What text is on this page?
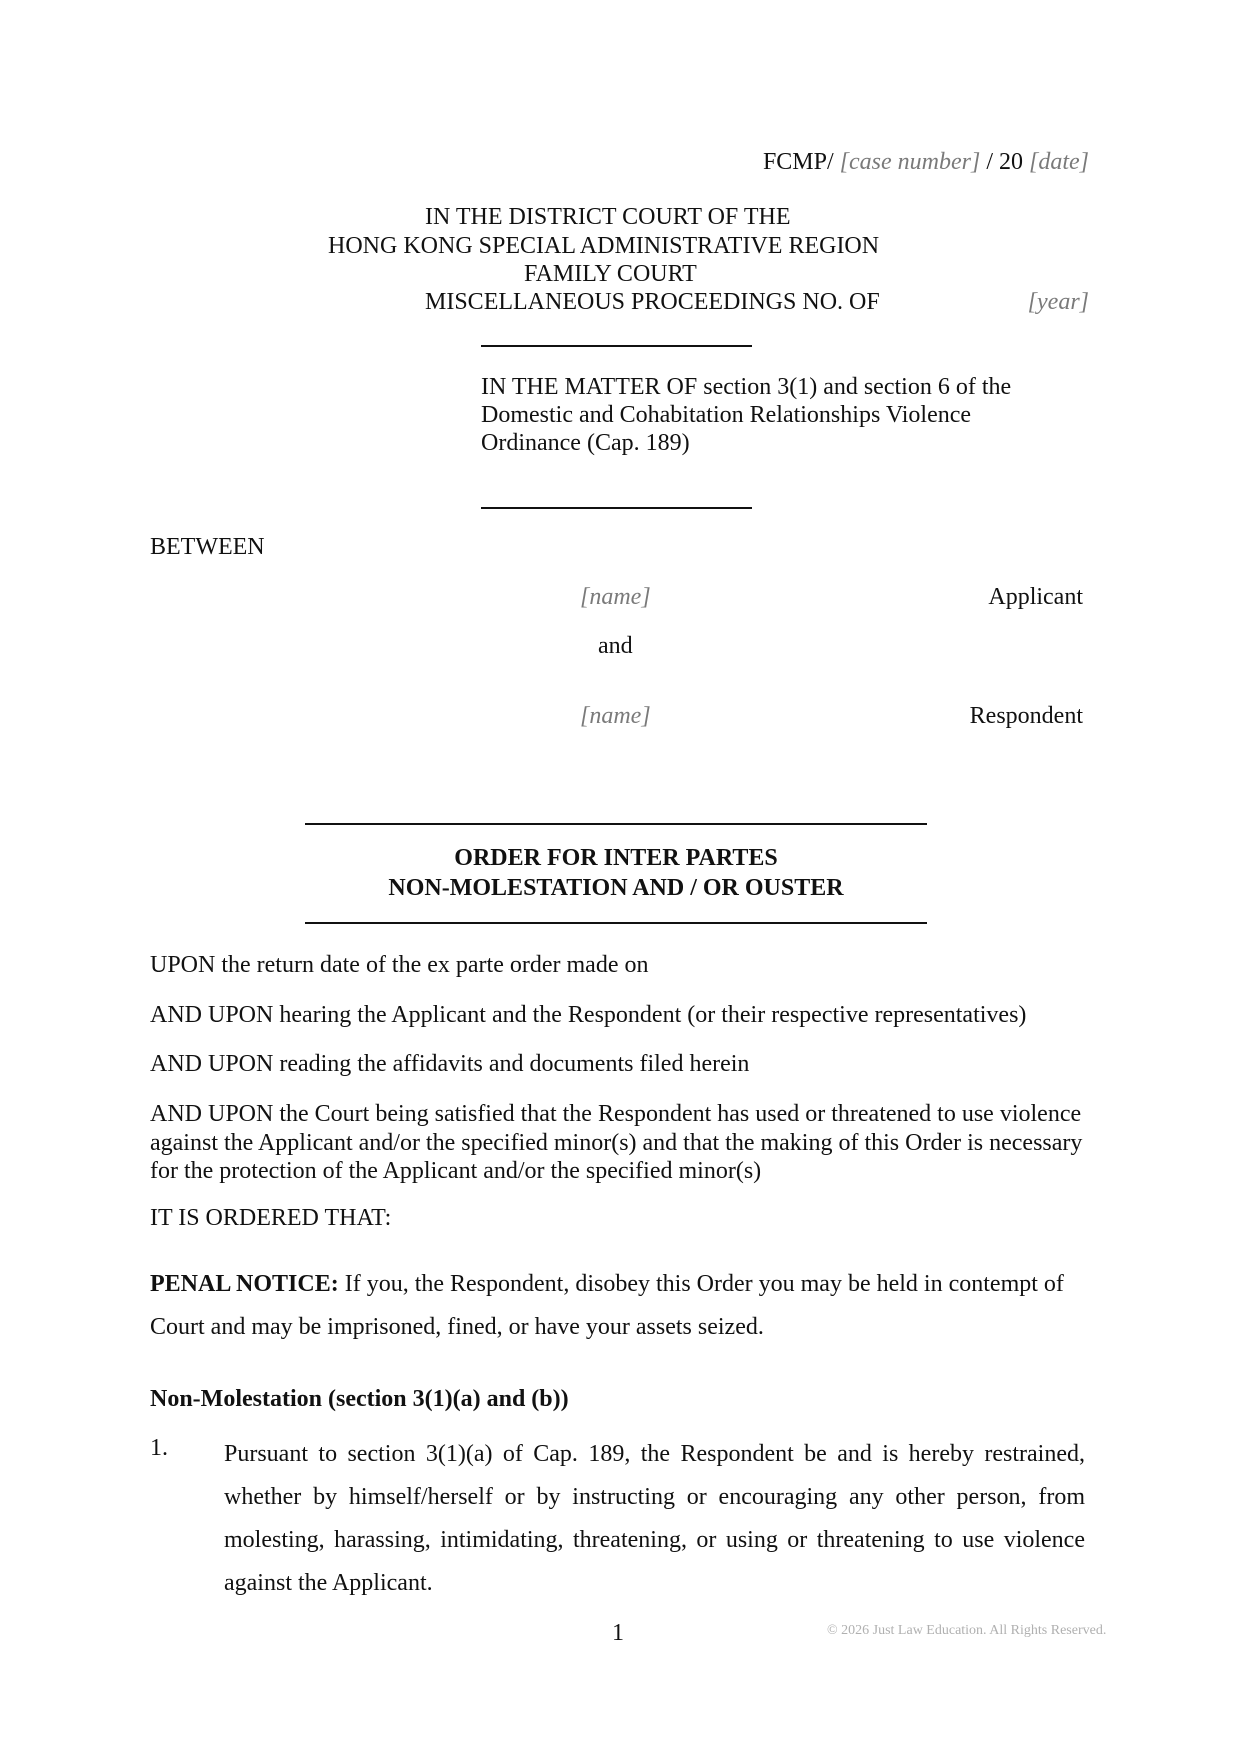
FCMP/ [case number] / 20 [date]
IN THE DISTRICT COURT OF THE
HONG KONG SPECIAL ADMINISTRATIVE REGION
FAMILY COURT
MISCELLANEOUS PROCEEDINGS NO. OF	[year]
IN THE MATTER OF section 3(1) and section 6 of the
Domestic and Cohabitation Relationships Violence
Ordinance (Cap. 189)
BETWEEN
[name]	Applicant
and
[name]	Respondent
ORDER FOR INTER PARTES
NON-MOLESTATION AND / OR OUSTER
UPON the return date of the ex parte order made on
AND UPON hearing the Applicant and the Respondent (or their respective representatives)
AND UPON reading the affidavits and documents filed herein
AND UPON the Court being satisfied that the Respondent has used or threatened to use violence against the Applicant and/or the specified minor(s) and that the making of this Order is necessary for the protection of the Applicant and/or the specified minor(s)
IT IS ORDERED THAT:
PENAL NOTICE: If you, the Respondent, disobey this Order you may be held in contempt of Court and may be imprisoned, fined, or have your assets seized.
Non-Molestation (section 3(1)(a) and (b))
1. Pursuant to section 3(1)(a) of Cap. 189, the Respondent be and is hereby restrained, whether by himself/herself or by instructing or encouraging any other person, from molesting, harassing, intimidating, threatening, or using or threatening to use violence against the Applicant.
1	© 2026 Just Law Education. All Rights Reserved.
